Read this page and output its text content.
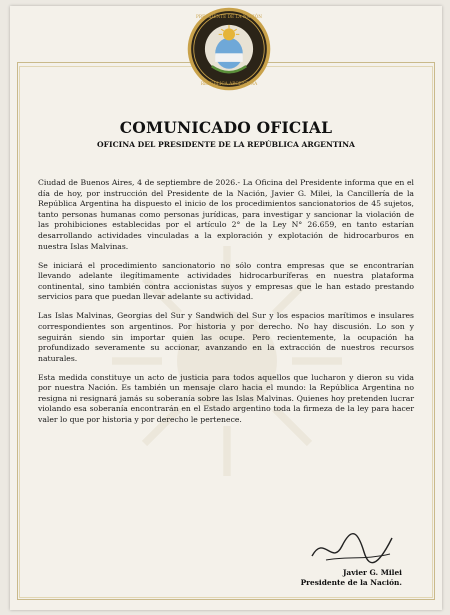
PRESIDENTE DE LA NACIÓN
REPÚBLICA ARGENTINA
COMUNICADO OFICIAL
OFICINA DEL PRESIDENTE DE LA REPÚBLICA ARGENTINA

Ciudad de Buenos Aires, 4 de septiembre de 2026.- La Oficina del Presidente informa que en el día de hoy, por instrucción del Presidente de la Nación, Javier G. Milei, la Cancillería de la República Argentina ha dispuesto el inicio de los procedimientos sancionatorios de 45 sujetos, tanto personas humanas como personas jurídicas, para investigar y sancionar la violación de las prohibiciones establecidas por el artículo 2° de la Ley N° 26.659, en tanto estarían desarrollando actividades vinculadas a la exploración y explotación de hidrocarburos en nuestra Islas Malvinas.

Se iniciará el procedimiento sancionatorio no sólo contra empresas que se encontrarían llevando adelante ilegítimamente actividades hidrocarburíferas en nuestra plataforma continental, sino también contra accionistas suyos y empresas que le han estado prestando servicios para que puedan llevar adelante su actividad.

Las Islas Malvinas, Georgias del Sur y Sandwich del Sur y los espacios marítimos e insulares correspondientes son argentinos. Por historia y por derecho. No hay discusión. Lo son y seguirán siendo sin importar quien las ocupe. Pero recientemente, la ocupación ha profundizado severamente su accionar, avanzando en la extracción de nuestros recursos naturales.

Esta medida constituye un acto de justicia para todos aquellos que lucharon y dieron su vida por nuestra Nación. Es también un mensaje claro hacia el mundo: la República Argentina no resigna ni resignará jamás su soberanía sobre las Islas Malvinas. Quienes hoy pretenden lucrar violando esa soberanía encontrarán en el Estado argentino toda la firmeza de la ley para hacer valer lo que por historia y por derecho le pertenece.

Javier G. Milei
Presidente de la Nación.
